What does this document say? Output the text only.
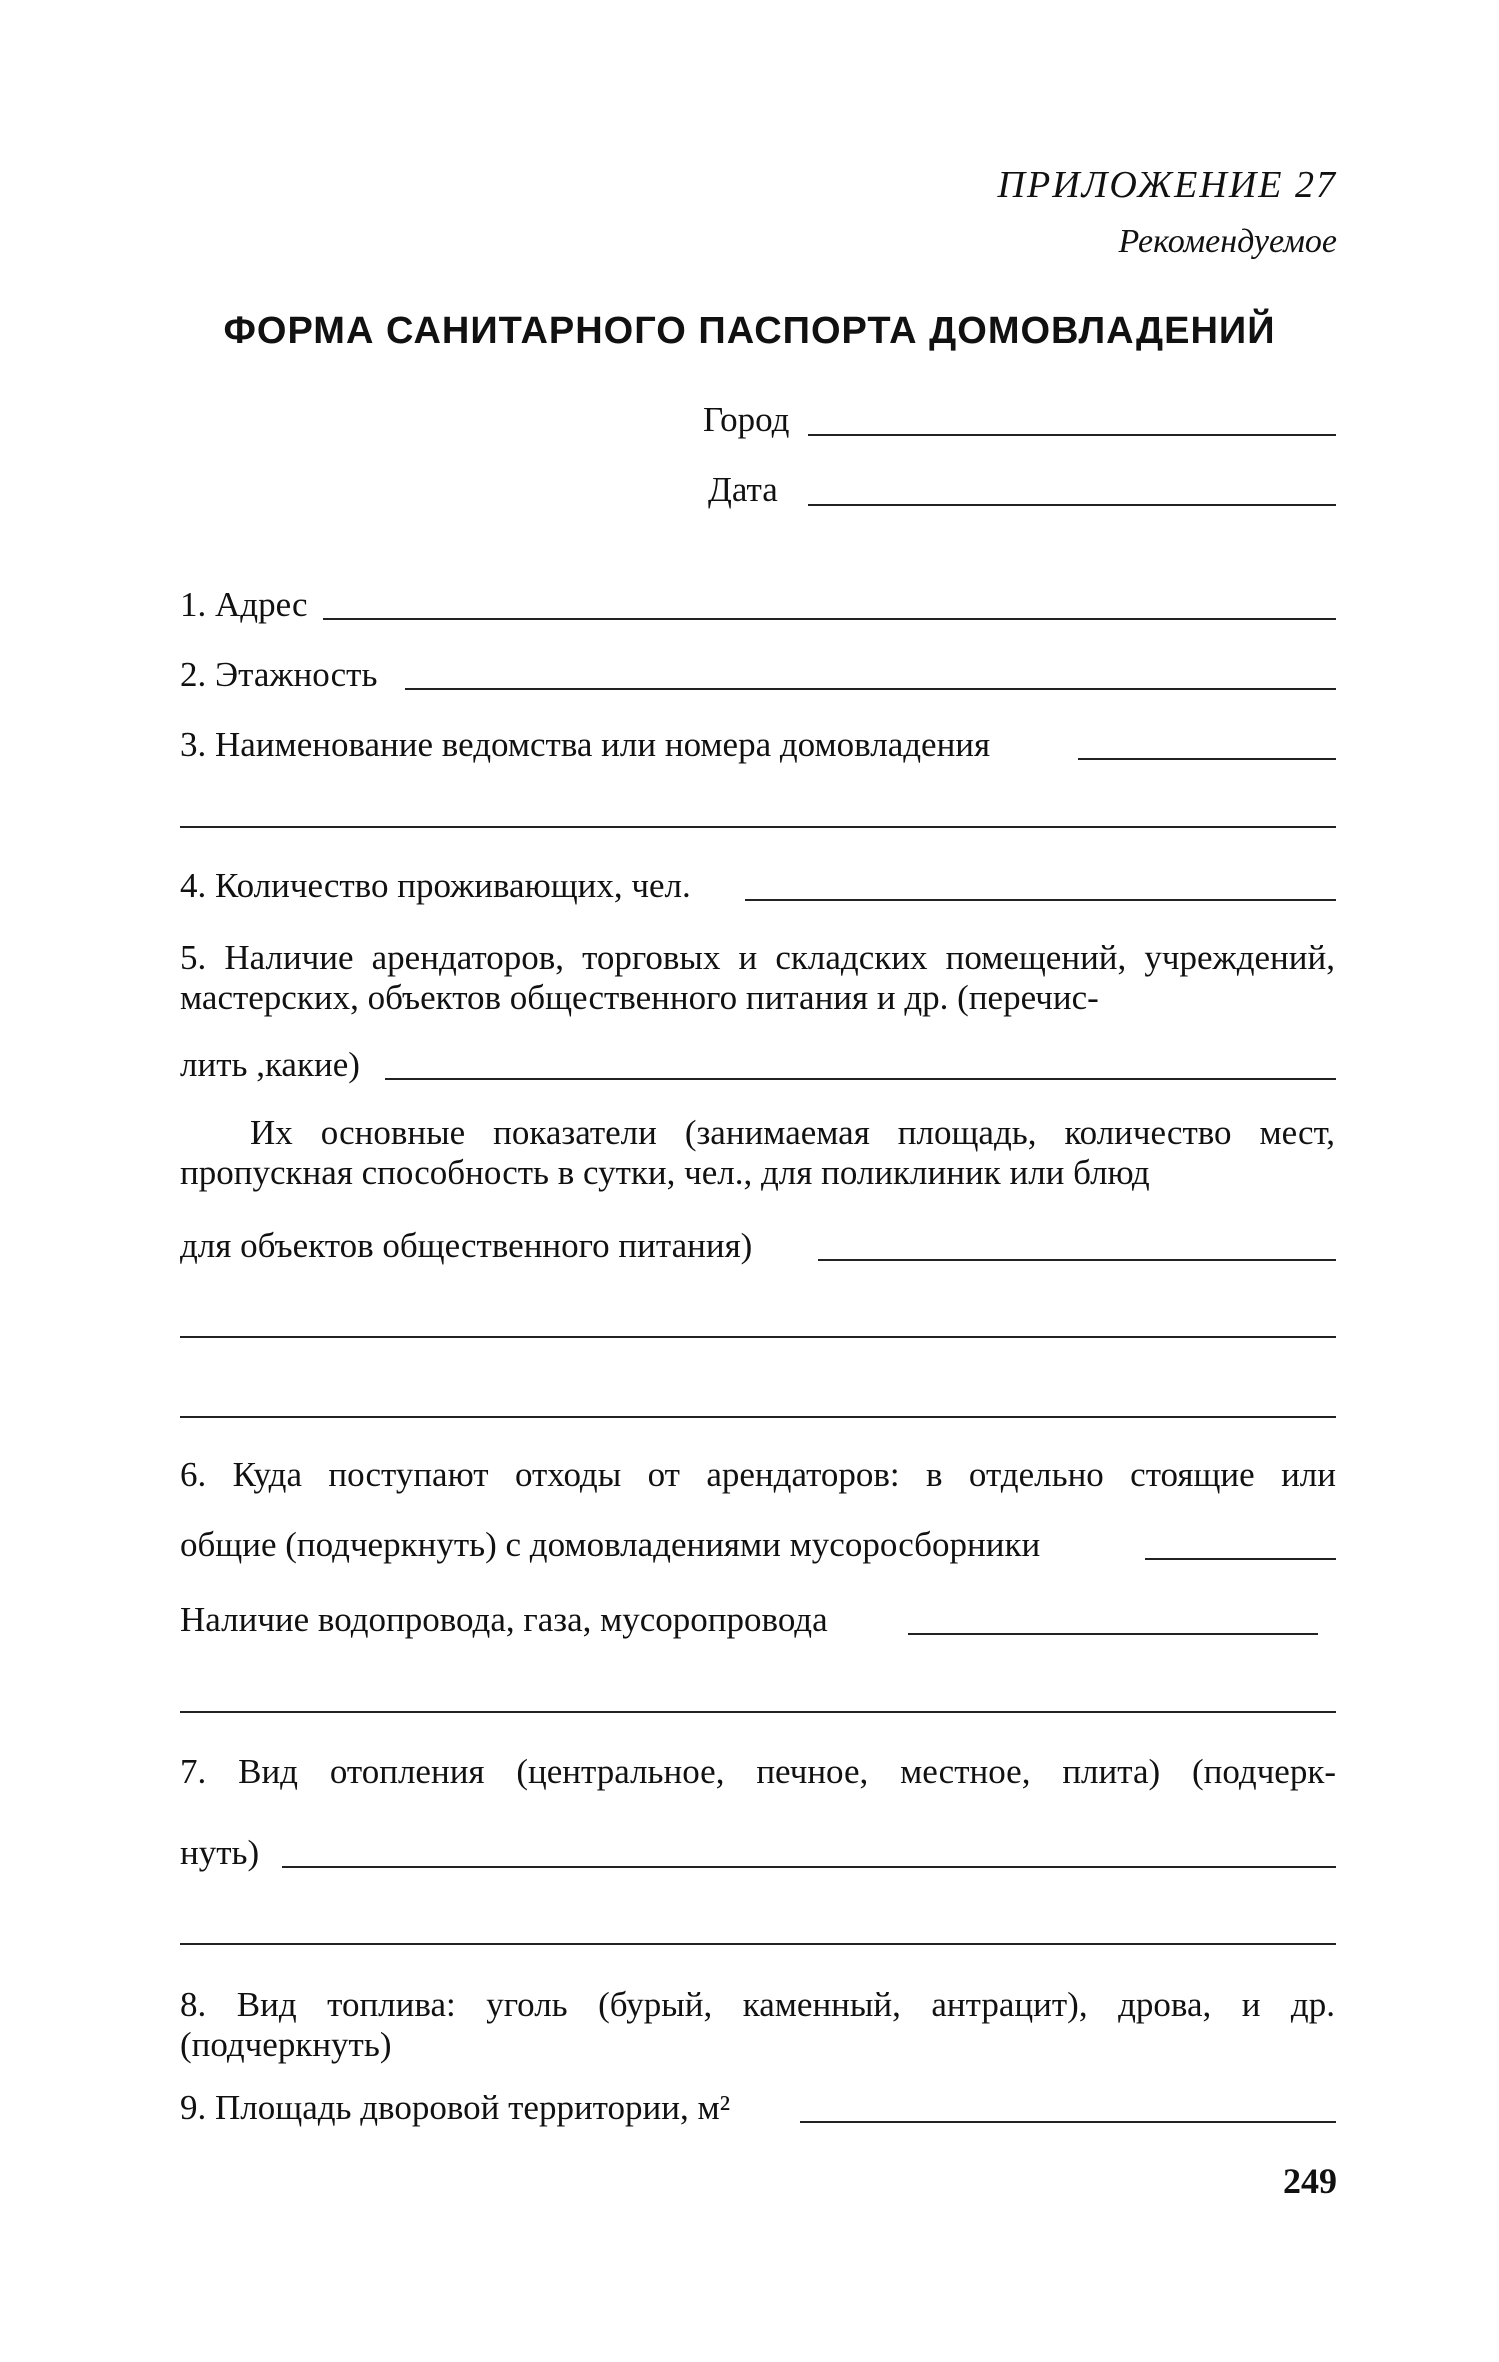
ПРИЛОЖЕНИЕ 27
Рекомендуемое
ФОРМА САНИТАРНОГО ПАСПОРТА ДОМОВЛАДЕНИЙ
Город
Дата
1. Адрес
2. Этажность
3. Наименование ведомства или номера домовладения
4. Количество проживающих, чел.
5. Наличие арендаторов, торговых и складских помещений, учреждений, мастерских, объектов общественного питания и др. (перечис-
лить ,какие)
Их основные показатели (занимаемая площадь, количество мест, пропускная способность в сутки, чел., для поликлиник или блюд
для объектов общественного питания)
6. Куда поступают отходы от арендаторов: в отдельно стоящие или
общие (подчеркнуть) с домовладениями мусоросборники
Наличие водопровода, газа, мусоропровода
7. Вид отопления (центральное, печное, местное, плита) (подчерк-
нуть)
8. Вид топлива: уголь (бурый, каменный, антрацит), дрова, и др. (подчеркнуть)
9. Площадь дворовой территории, м²
249
